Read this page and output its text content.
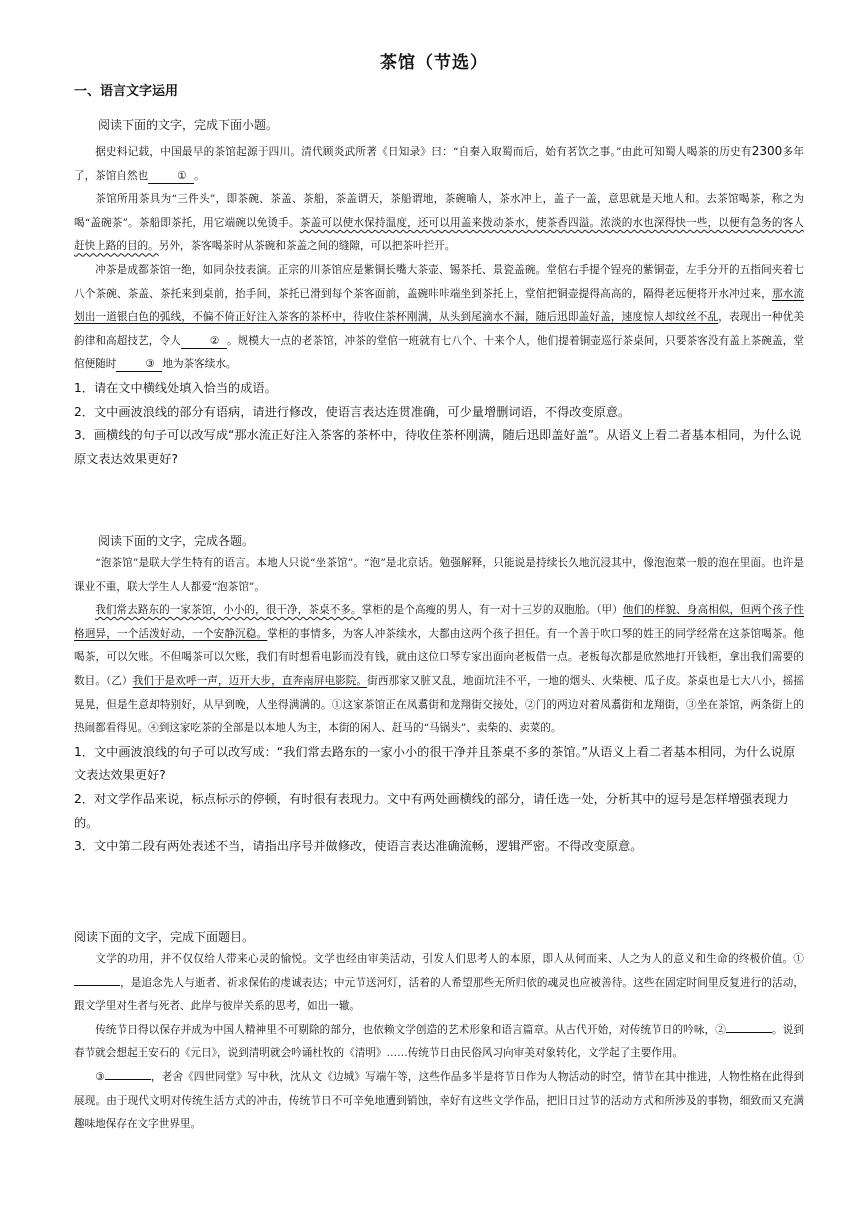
茶馆（节选）
一、语言文字运用
阅读下面的文字，完成下面小题。

据史料记载，中国最早的茶馆起源于四川。清代顾炎武所著《日知录》曰：“自秦入取蜀而后，始有茗饮之事。”由此可知蜀人喝茶的历史有2300多年了，茶馆自然也	① 。

茶馆所用茶具为“三件头”，即茶碗、茶盖、茶船，茶盖谓天，茶船谓地，茶碗喻人，茶水冲上，盖子一盖，意思就是天地人和。去茶馆喝茶，称之为喝“盖碗茶”。茶船即茶托，用它端碗以免烫手。茶盖可以使水保持温度，还可以用盖来拨动茶水，使茶香四溢。浓淡的水也深得快一些，以便有急务的客人赶快上路的目的。另外，茶客喝茶时从茶碗和茶盖之间的缝隙，可以把茶叶拦开。

冲茶是成都茶馆一绝，如同杂技表演。正宗的川茶馆应是紫铜长嘴大茶壶、锡茶托、景瓷盖碗。堂倌右手提个锃亮的紫铜壶，左手分开的五指间夹着七八个茶碗、茶盖、茶托来到桌前，抬手间，茶托已滑到每个茶客面前，盖碗咔咔端坐到茶托上，堂倌把铜壶提得高高的，隔得老远便将开水冲过来，那水流划出一道银白色的弧线，不偏不倚正好注入茶客的茶杯中，待收住茶杯刚满，从头到尾滴水不漏，随后迅即盖好盖，速度惊人却纹丝不乱，表现出一种优美韵律和高超技艺，令人	② 。规模大一点的老茶馆，冲茶的堂倌一班就有七八个、十来个人，他们提着铜壶巡行茶桌间，只要茶客没有盖上茶碗盖，堂倌便随时	③ 地为茶客续水。

1．请在文中横线处填入恰当的成语。

2．文中画波浪线的部分有语病，请进行修改，使语言表达连贯准确，可少量增删词语，不得改变原意。

3．画横线的句子可以改写成“那水流正好注入茶客的茶杯中，待收住茶杯刚满，随后迅即盖好盖”。从语义上看二者基本相同，为什么说原文表达效果更好?

阅读下面的文字，完成各题。

“泡茶馆”是联大学生特有的语言。本地人只说“坐茶馆”。“泡”是北京话。勉强解释，只能说是持续长久地沉浸其中，像泡泡菜一般的泡在里面。也许是课业不重，联大学生人人都爱“泡茶馆”。

我们常去路东的一家茶馆，小小的，很干净，茶桌不多。掌柜的是个高瘦的男人，有一对十三岁的双胞胎。（甲）他们的样貌、身高相似，但两个孩子性格迥异，一个活泼好动，一个安静沉稳。掌柜的事情多，为客人冲茶续水，大都由这两个孩子担任。有一个善于吹口琴的姓王的同学经常在这茶馆喝茶。他喝茶，可以欠账。不但喝茶可以欠账，我们有时想看电影而没有钱，就由这位口琴专家出面向老板借一点。老板每次都是欣然地打开钱柜，拿出我们需要的数目。（乙）我们于是欢呼一声，迈开大步，直奔南屏电影院。街西那家又脏又乱，地面坑洼不平，一地的烟头、火柴梗、瓜子皮。茶桌也是七大八小，摇摇晃晃，但是生意却特别好，从早到晚，人坐得满满的。①这家茶馆正在凤翥街和龙翔街交接处，②门的两边对着凤翥街和龙翔街，③坐在茶馆，两条街上的热闹都看得见。④到这家吃茶的全部是以本地人为主，本街的闲人、赶马的“马锅头”、卖柴的、卖菜的。

1．文中画波浪线的句子可以改写成：“我们常去路东的一家小小的很干净并且茶桌不多的茶馆。”从语义上看二者基本相同，为什么说原文表达效果更好?

2．对文学作品来说，标点标示的停顿，有时很有表现力。文中有两处画横线的部分，请任选一处，分析其中的逗号是怎样增强表现力的。

3．文中第二段有两处表述不当，请指出序号并做修改，使语言表达准确流畅，逻辑严密。不得改变原意。

阅读下面的文字，完成下面题目。

文学的功用，并不仅仅给人带来心灵的愉悦。文学也经由审美活动，引发人们思考人的本原，即人从何而来、人之为人的意义和生命的终极价值。①，是追念先人与逝者、祈求保佑的虔诚表达；中元节送河灯，活着的人希望那些无所归依的魂灵也应被善待。这些在固定时间里反复进行的活动，跟文学里对生者与死者、此岸与彼岸关系的思考，如出一辙。

传统节日得以保存并成为中国人精神里不可剔除的部分，也依赖文学创造的艺术形象和语言篇章。从古代开始，对传统节日的吟咏，②	。说到春节就会想起王安石的《元日》，说到清明就会吟诵杜牧的《清明》……传统节日由民俗风习向审美对象转化，文学起了主要作用。

③	，老舍《四世同堂》写中秋，沈从文《边城》写端午等，这些作品多半是将节日作为人物活动的时空，情节在其中推进，人物性格在此得到展现。由于现代文明对传统生活方式的冲击，传统节日不可辛免地遭到销蚀，幸好有这些文学作品，把旧日过节的活动方式和所涉及的事物，细致而又充满趣味地保存在文字世界里。
